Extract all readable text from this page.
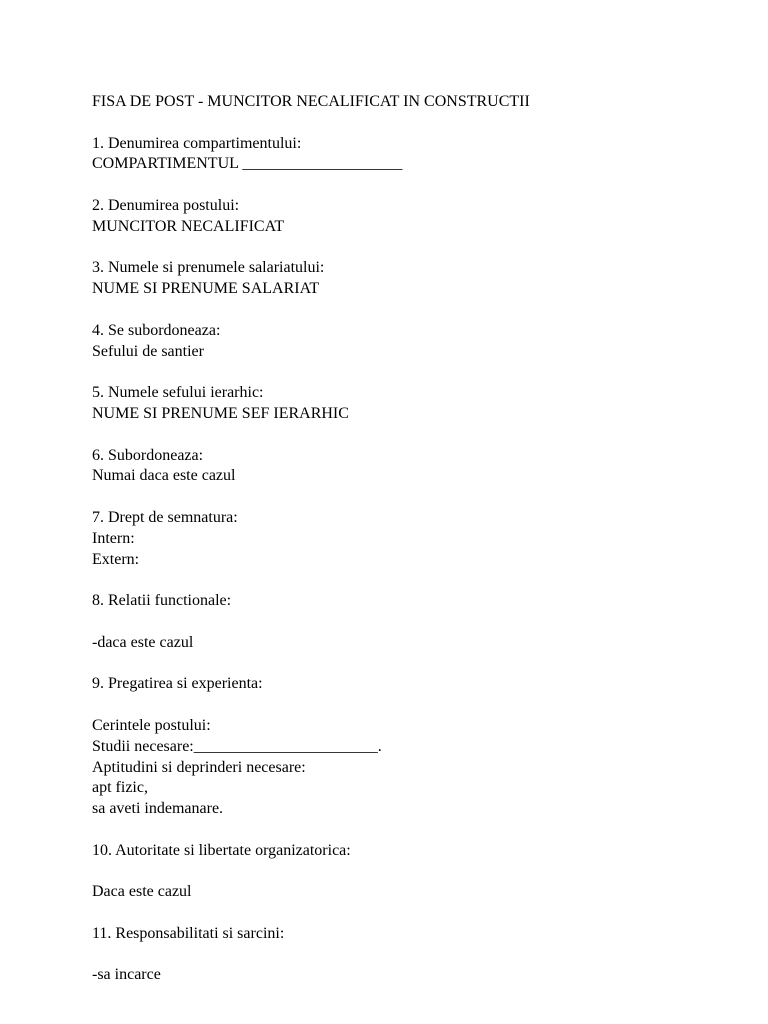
FISA DE POST - MUNCITOR NECALIFICAT IN CONSTRUCTII
1. Denumirea compartimentului:
COMPARTIMENTUL ____________________
2. Denumirea postului:
MUNCITOR NECALIFICAT
3. Numele si prenumele salariatului:
NUME SI PRENUME SALARIAT
4. Se subordoneaza:
Sefului de santier
5. Numele sefului ierarhic:
NUME SI PRENUME SEF IERARHIC
6. Subordoneaza:
Numai daca este cazul
7. Drept de semnatura:
Intern:
Extern:
8. Relatii functionale:
-daca este cazul
9. Pregatirea si experienta:
Cerintele postului:
Studii necesare:_______________________.
Aptitudini si deprinderi necesare:
apt fizic,
sa aveti indemanare.
10. Autoritate si libertate organizatorica:
Daca este cazul
11. Responsabilitati si sarcini:
-sa incarce
